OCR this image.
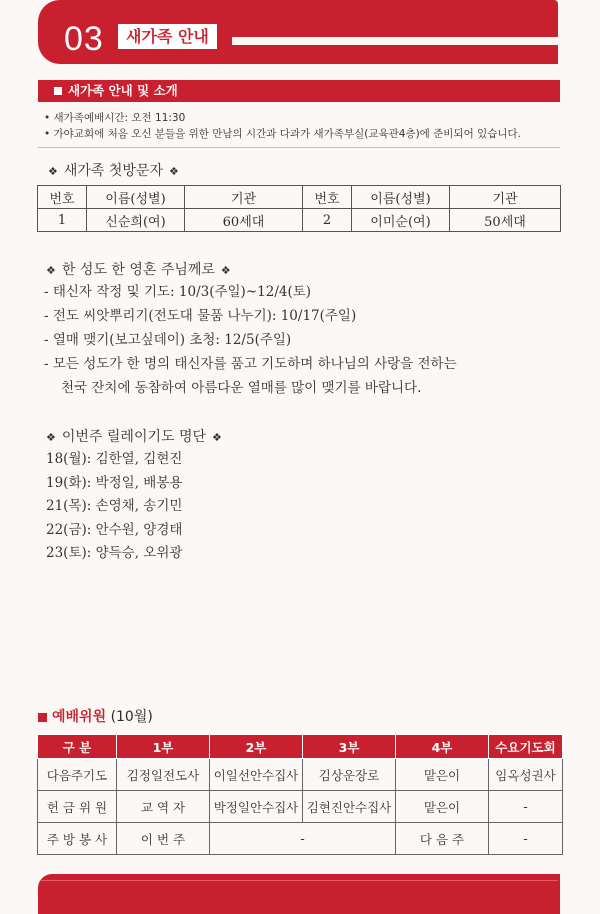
03	새가족 안내
새가족 안내 및 소개
• 새가족예배시간: 오전 11:30
• 가야교회에 처음 오신 분들을 위한 만남의 시간과 다과가 새가족부실(교육관4층)에 준비되어 있습니다.
❖ 새가족 첫방문자 ❖
번호	이름(성별)	기관	번호	이름(성별)	기관
1	신순희(여)	60세대	2	이미순(여)	50세대
❖ 한 성도 한 영혼 주님께로 ❖
- 태신자 작정 및 기도: 10/3(주일)~12/4(토)
- 전도 씨앗뿌리기(전도대 물품 나누기): 10/17(주일)
- 열매 맺기(보고싶데이) 초청: 12/5(주일)
- 모든 성도가 한 명의 태신자를 품고 기도하며 하나님의 사랑을 전하는
천국 잔치에 동참하여 아름다운 열매를 많이 맺기를 바랍니다.
❖ 이번주 릴레이기도 명단 ❖
18(월): 김한열, 김현진
19(화): 박정일, 배봉용
21(목): 손영채, 송기민
22(금): 안수원, 양경태
23(토): 양득승, 오위광
예배위원 (10월)
구 분	1부	2부	3부	4부	수요기도회
다음주기도	김정일전도사	이일선안수집사	김상운장로	맡은이	임옥성권사
헌 금 위 원	교 역 자	박정일안수집사	김현진안수집사	맡은이	-
주 방 봉 사	이 번 주	-		다 음 주	-
